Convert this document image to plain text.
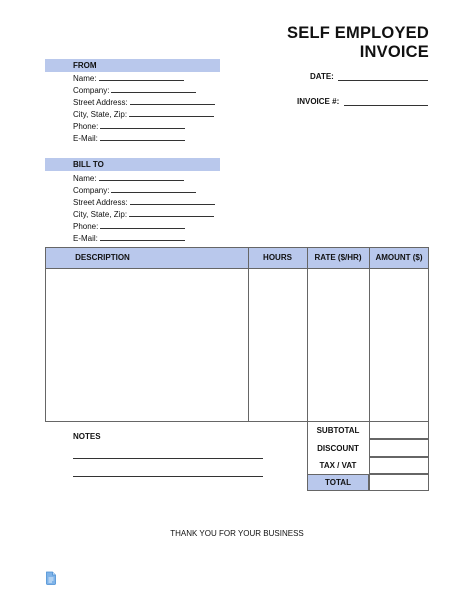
SELF EMPLOYED
INVOICE
FROM
Name:
Company:
Street Address:
City, State, Zip:
Phone:
E-Mail:
DATE:
INVOICE #:
BILL TO
Name:
Company:
Street Address:
City, State, Zip:
Phone:
E-Mail:
DESCRIPTION	HOURS	RATE ($/HR)	AMOUNT ($)
SUBTOTAL
DISCOUNT
TAX / VAT
TOTAL
NOTES
THANK YOU FOR YOUR BUSINESS
